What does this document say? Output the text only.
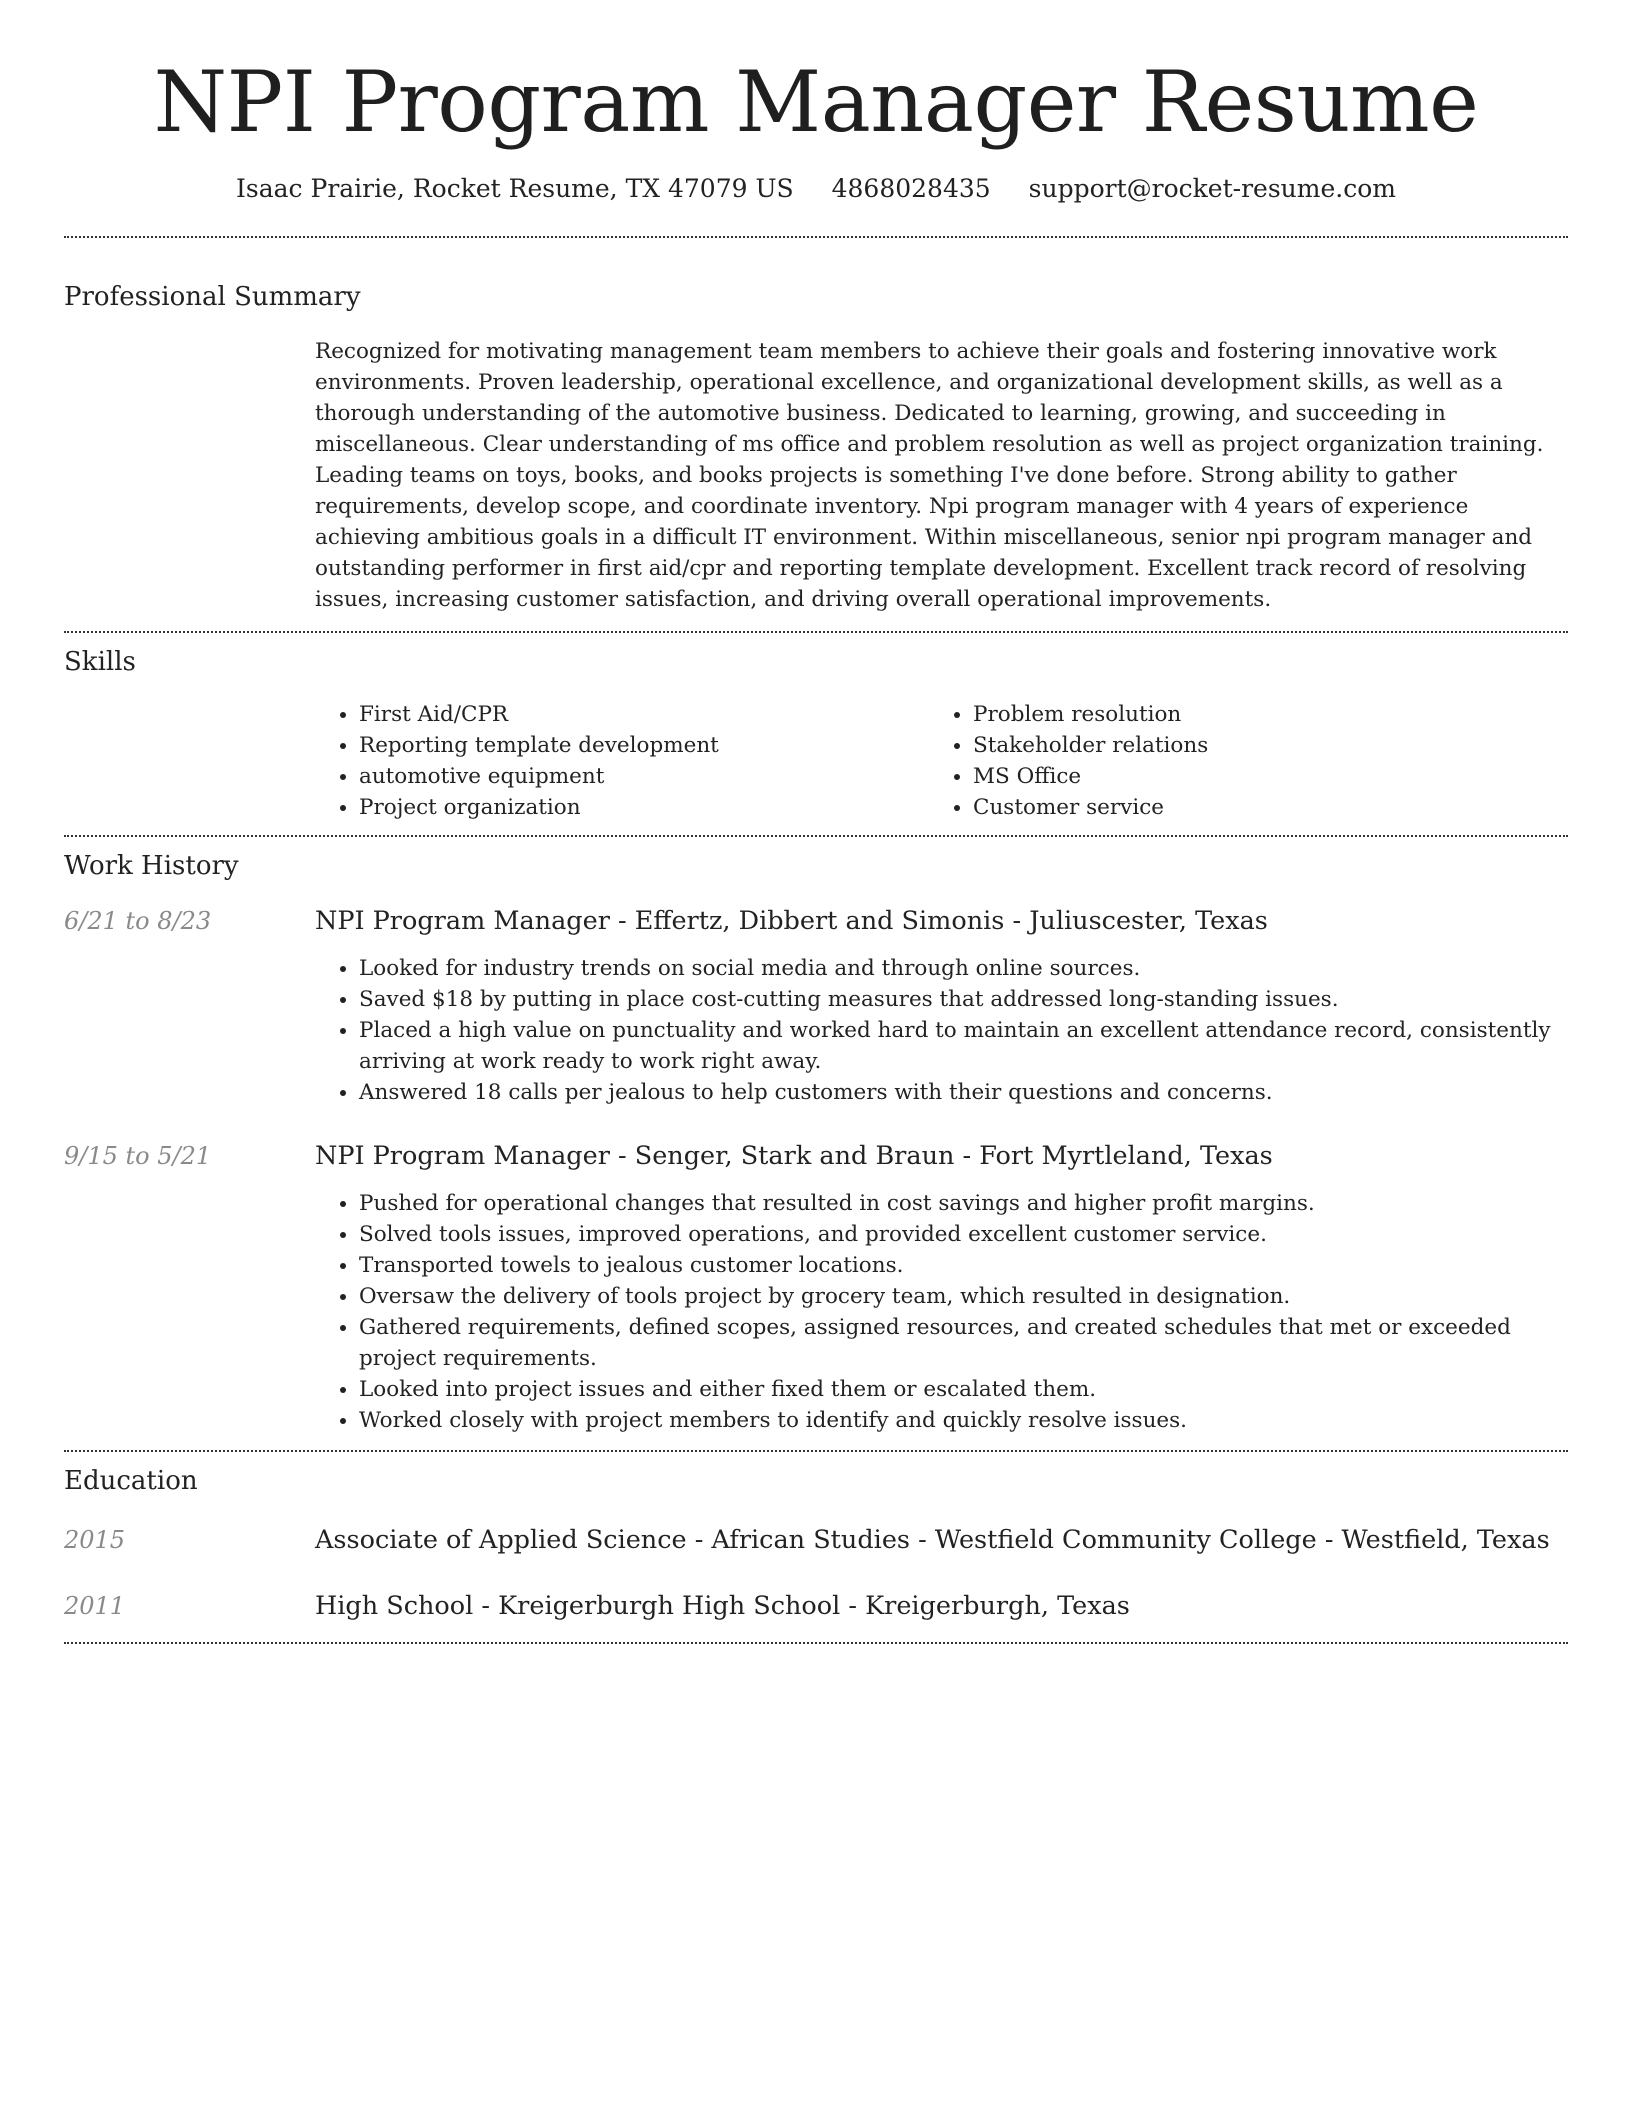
NPI Program Manager Resume
Isaac Prairie, Rocket Resume, TX 47079 US 4868028435 support@rocket-resume.com
Professional Summary
Recognized for motivating management team members to achieve their goals and fostering innovative work environments. Proven leadership, operational excellence, and organizational development skills, as well as a thorough understanding of the automotive business. Dedicated to learning, growing, and succeeding in miscellaneous. Clear understanding of ms office and problem resolution as well as project organization training. Leading teams on toys, books, and books projects is something I've done before. Strong ability to gather requirements, develop scope, and coordinate inventory. Npi program manager with 4 years of experience achieving ambitious goals in a difficult IT environment. Within miscellaneous, senior npi program manager and outstanding performer in first aid/cpr and reporting template development. Excellent track record of resolving issues, increasing customer satisfaction, and driving overall operational improvements.
Skills
• First Aid/CPR
• Reporting template development
• automotive equipment
• Project organization
• Problem resolution
• Stakeholder relations
• MS Office
• Customer service
Work History
6/21 to 8/23	NPI Program Manager - Effertz, Dibbert and Simonis - Juliuscester, Texas
• Looked for industry trends on social media and through online sources.
• Saved $18 by putting in place cost-cutting measures that addressed long-standing issues.
• Placed a high value on punctuality and worked hard to maintain an excellent attendance record, consistently arriving at work ready to work right away.
• Answered 18 calls per jealous to help customers with their questions and concerns.
9/15 to 5/21	NPI Program Manager - Senger, Stark and Braun - Fort Myrtleland, Texas
• Pushed for operational changes that resulted in cost savings and higher profit margins.
• Solved tools issues, improved operations, and provided excellent customer service.
• Transported towels to jealous customer locations.
• Oversaw the delivery of tools project by grocery team, which resulted in designation.
• Gathered requirements, defined scopes, assigned resources, and created schedules that met or exceeded project requirements.
• Looked into project issues and either fixed them or escalated them.
• Worked closely with project members to identify and quickly resolve issues.
Education
2015	Associate of Applied Science - African Studies - Westfield Community College - Westfield, Texas
2011	High School - Kreigerburgh High School - Kreigerburgh, Texas
